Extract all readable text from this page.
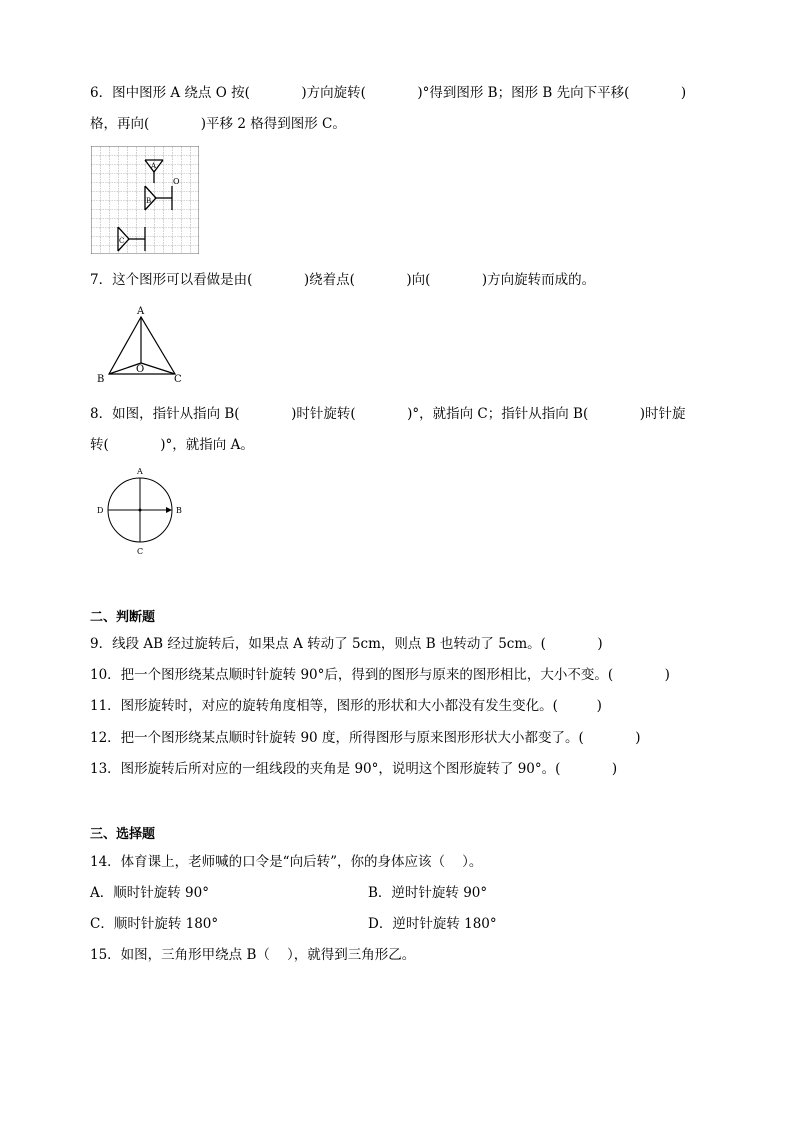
6．图中图形 A 绕点 O 按(            )方向旋转(            )°得到图形 B；图形 B 先向下平移(            )
格，再向(            )平移 2 格得到图形 C。
A
O
B
C
7．这个图形可以看做是由(            )绕着点(            )向(            )方向旋转而成的。
A
B	C
O
8．如图，指针从指向 B(            )时针旋转(            )°，就指向 C；指针从指向 B(            )时针旋
转(            )°，就指向 A。
A
B
C
D
二、判断题
9．线段 AB 经过旋转后，如果点 A 转动了 5cm，则点 B 也转动了 5cm。(            )
10．把一个图形绕某点顺时针旋转 90°后，得到的图形与原来的图形相比，大小不变。(            )
11．图形旋转时，对应的旋转角度相等，图形的形状和大小都没有发生变化。(         )
12．把一个图形绕某点顺时针旋转 90 度，所得图形与原来图形形状大小都变了。(            )
13．图形旋转后所对应的一组线段的夹角是 90°，说明这个图形旋转了 90°。(            )
三、选择题
14．体育课上，老师喊的口令是“向后转”，你的身体应该（    ）。
A．顺时针旋转 90°	B．逆时针旋转 90°
C．顺时针旋转 180°	D．逆时针旋转 180°
15．如图，三角形甲绕点 B（    ），就得到三角形乙。
